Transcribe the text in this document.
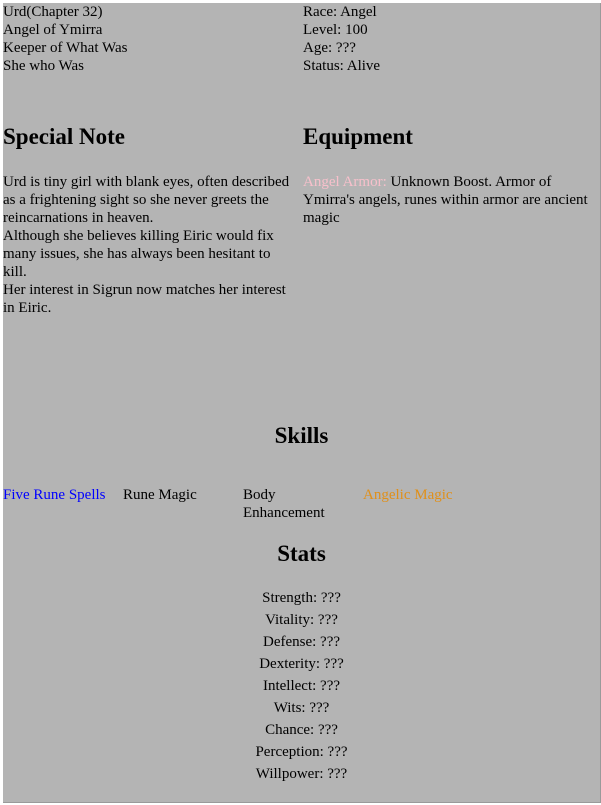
Urd(Chapter 32)
Angel of Ymirra
Keeper of What Was
She who Was
Race: Angel
Level: 100
Age: ???
Status: Alive
Special Note
Urd is tiny girl with blank eyes, often described as a frightening sight so she never greets the reincarnations in heaven.
Although she believes killing Eiric would fix many issues, she has always been hesitant to kill.
Her interest in Sigrun now matches her interest in Eiric.
Equipment
Angel Armor: Unknown Boost. Armor of Ymirra's angels, runes within armor are ancient magic
Skills
Five Rune Spells	Rune Magic	Body Enhancement
Angelic Magic
Stats
Strength: ???
Vitality: ???
Defense: ???
Dexterity: ???
Intellect: ???
Wits: ???
Chance: ???
Perception: ???
Willpower: ???
